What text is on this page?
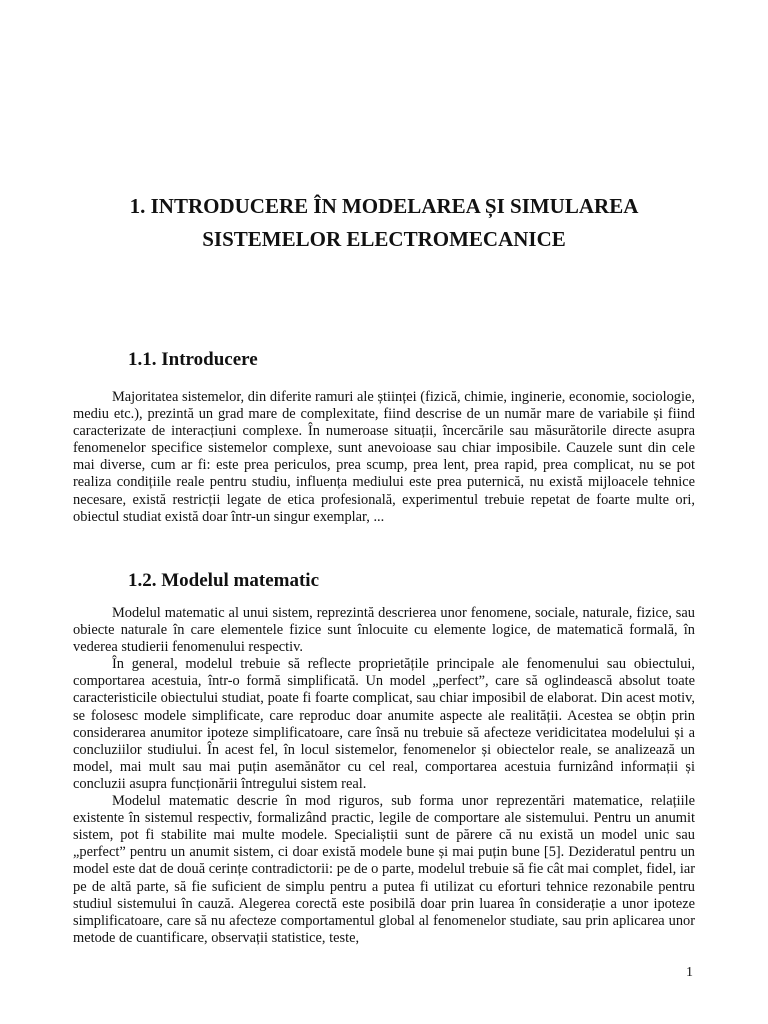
1. INTRODUCERE ÎN MODELAREA ȘI SIMULAREA
SISTEMELOR ELECTROMECANICE
1.1. Introducere

Majoritatea sistemelor, din diferite ramuri ale științei (fizică, chimie, inginerie, economie, sociologie, mediu etc.), prezintă un grad mare de complexitate, fiind descrise de un număr mare de variabile și fiind caracterizate de interacțiuni complexe. În numeroase situații, încercările sau măsurătorile directe asupra fenomenelor specifice sistemelor complexe, sunt anevoioase sau chiar imposibile. Cauzele sunt din cele mai diverse, cum ar fi: este prea periculos, prea scump, prea lent, prea rapid, prea complicat, nu se pot realiza condițiile reale pentru studiu, influența mediului este prea puternică, nu există mijloacele tehnice necesare, există restricții legate de etica profesională, experimentul trebuie repetat de foarte multe ori, obiectul studiat există doar într-un singur exemplar, ...

1.2. Modelul matematic

Modelul matematic al unui sistem, reprezintă descrierea unor fenomene, sociale, naturale, fizice, sau obiecte naturale în care elementele fizice sunt înlocuite cu elemente logice, de matematică formală, în vederea studierii fenomenului respectiv.

În general, modelul trebuie să reflecte proprietățile principale ale fenomenului sau obiectului, comportarea acestuia, într-o formă simplificată. Un model „perfect”, care să oglindească absolut toate caracteristicile obiectului studiat, poate fi foarte complicat, sau chiar imposibil de elaborat. Din acest motiv, se folosesc modele simplificate, care reproduc doar anumite aspecte ale realității. Acestea se obțin prin considerarea anumitor ipoteze simplificatoare, care însă nu trebuie să afecteze veridicitatea modelului și a concluziilor studiului. În acest fel, în locul sistemelor, fenomenelor și obiectelor reale, se analizează un model, mai mult sau mai puțin asemănător cu cel real, comportarea acestuia furnizând informații și concluzii asupra funcționării întregului sistem real.

Modelul matematic descrie în mod riguros, sub forma unor reprezentări matematice, relațiile existente în sistemul respectiv, formalizând practic, legile de comportare ale sistemului. Pentru un anumit sistem, pot fi stabilite mai multe modele. Specialiștii sunt de părere că nu există un model unic sau „perfect” pentru un anumit sistem, ci doar există modele bune și mai puțin bune [5]. Dezideratul pentru un model este dat de două cerințe contradictorii: pe de o parte, modelul trebuie să fie cât mai complet, fidel, iar pe de altă parte, să fie suficient de simplu pentru a putea fi utilizat cu eforturi tehnice rezonabile pentru studiul sistemului în cauză. Alegerea corectă este posibilă doar prin luarea în considerație a unor ipoteze simplificatoare, care să nu afecteze comportamentul global al fenomenelor studiate, sau prin aplicarea unor metode de cuantificare, observații statistice, teste,

1
